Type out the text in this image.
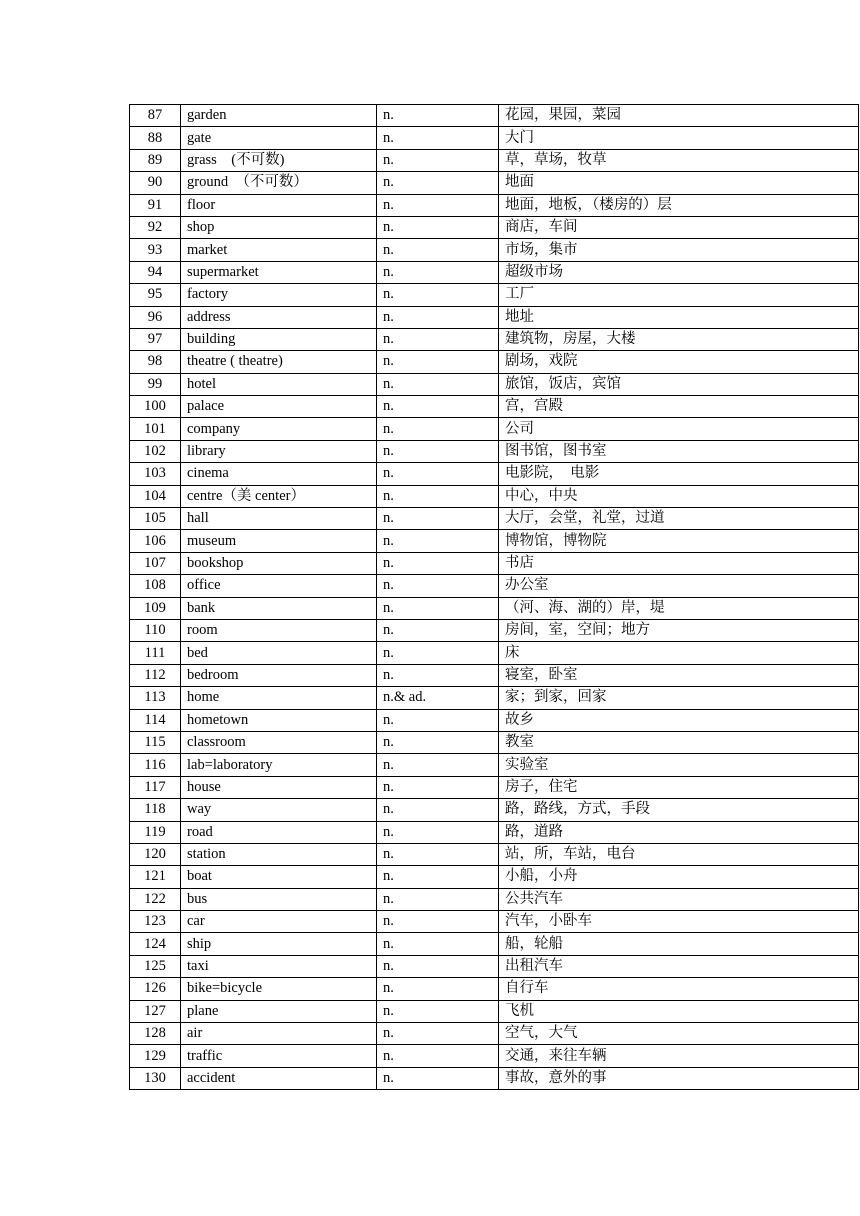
87	garden	n.	花园，果园，菜园
88	gate	n.	大门
89	grass　(不可数)	n.	草，草场，牧草
90	ground　（不可数）	n.	地面
91	floor	n.	地面，地板，（楼房的）层
92	shop	n.	商店，车间
93	market	n.	市场，集市
94	supermarket	n.	超级市场
95	factory	n.	工厂
96	address	n.	地址
97	building	n.	建筑物，房屋，大楼
98	theatre ( theatre)	n.	剧场，戏院
99	hotel	n.	旅馆，饭店，宾馆
100	palace	n.	宫，宫殿
101	company	n.	公司
102	library	n.	图书馆，图书室
103	cinema	n.	电影院，　电影
104	centre（美 center）	n.	中心，中央
105	hall	n.	大厅，会堂，礼堂，过道
106	museum	n.	博物馆，博物院
107	bookshop	n.	书店
108	office	n.	办公室
109	bank	n.	（河、海、湖的）岸，堤
110	room	n.	房间，室，空间；地方
111	bed	n.	床
112	bedroom	n.	寝室，卧室
113	home	n.& ad.	家；到家，回家
114	hometown	n.	故乡
115	classroom	n.	教室
116	lab=laboratory	n.	实验室
117	house	n.	房子，住宅
118	way	n.	路，路线，方式，手段
119	road	n.	路，道路
120	station	n.	站，所，车站，电台
121	boat	n.	小船，小舟
122	bus	n.	公共汽车
123	car	n.	汽车，小卧车
124	ship	n.	船，轮船
125	taxi	n.	出租汽车
126	bike=bicycle	n.	自行车
127	plane	n.	飞机
128	air	n.	空气，大气
129	traffic	n.	交通，来往车辆
130	accident	n.	事故，意外的事
